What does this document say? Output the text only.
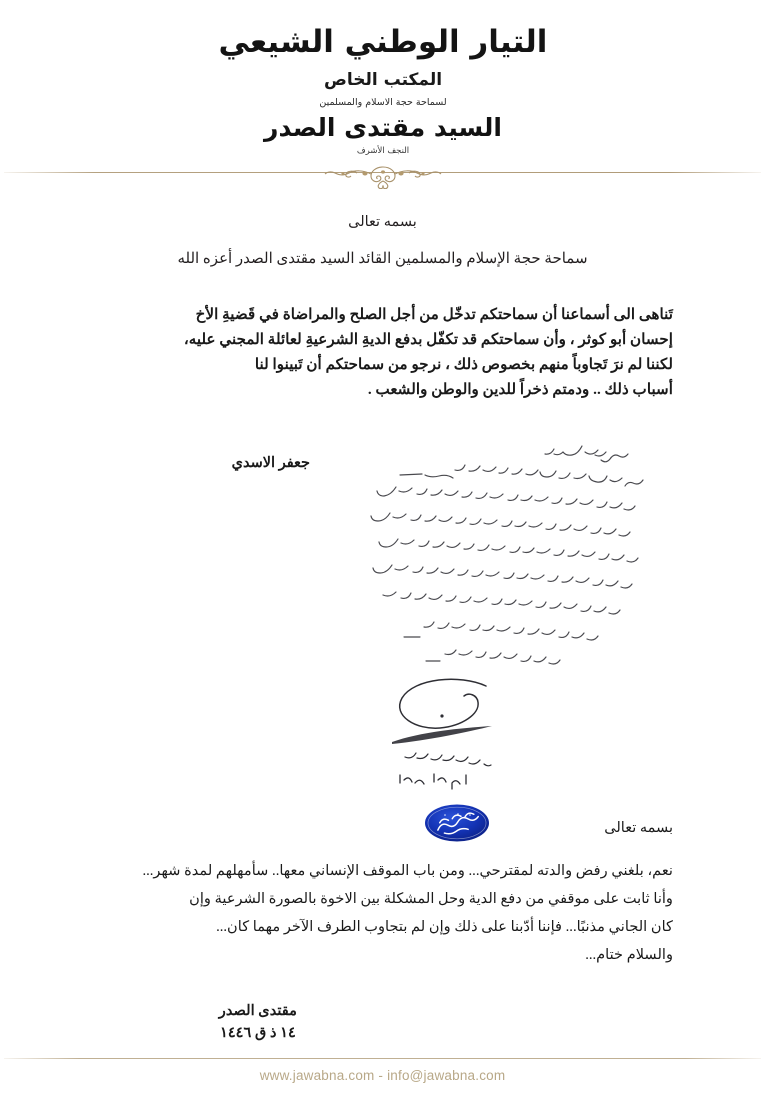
التيار الوطني الشيعي
المكتب الخاص
لسماحة حجة الاسلام والمسلمين
السيد مقتدى الصدر
النجف الأشرف
بسمه تعالى
سماحة حجة الإسلام والمسلمين القائد السيد مقتدى الصدر أعزه الله
تَناهى الى أسماعنا أن سماحتكم تدخّل من أجل الصلح والمراضاة في قَضيةِ الأخ
إحسان أبو كوثر ، وأن سماحتكم قد تكفّل بدفع الديةِ الشرعيةِ لعائلة المجني عليه،
لكننا لم نرَ تَجاوباً منهم بخصوص ذلك ، نرجو من سماحتكم أن تَبينوا لنا
أسباب ذلك .. ودمتم ذخراً للدين والوطن والشعب .
جعفر الاسدي
بسمه تعالى
نعم، بلغني رفض والدته لمقترحي... ومن باب الموقف الإنساني معها.. سأمهلهم لمدة شهر...
وأنا ثابت على موقفي من دفع الدية وحل المشكلة بين الاخوة بالصورة الشرعية وإن
كان الجاني مذنبًا... فإننا أدّبنا على ذلك وإن لم بتجاوب الطرف الآخر مهما كان...
والسلام ختام...
مقتدى الصدر
١٤ ذ ق ١٤٤٦
www.jawabna.com - info@jawabna.com
